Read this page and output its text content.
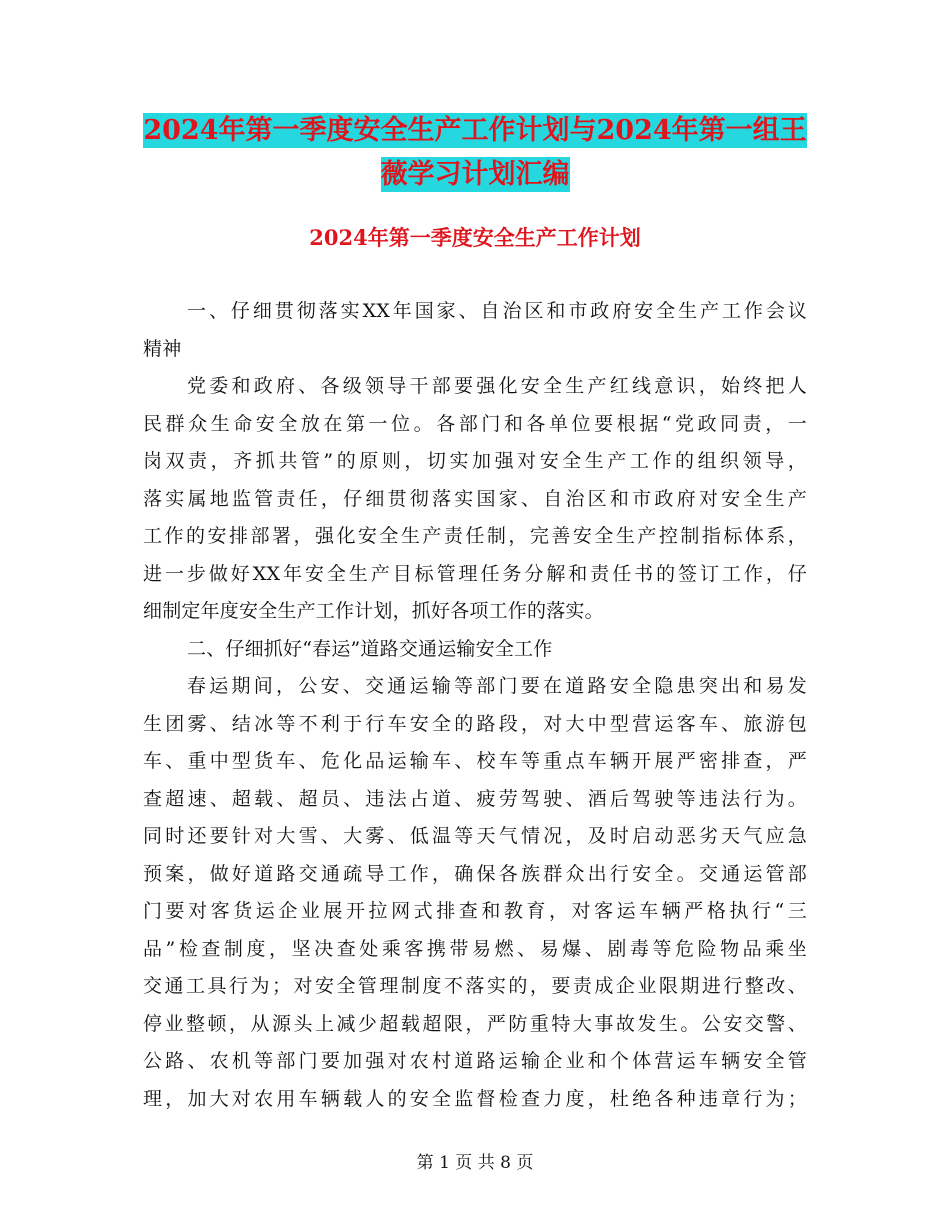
2024年第一季度安全生产工作计划与2024年第一组王
薇学习计划汇编
2024年第一季度安全生产工作计划
一、仔细贯彻落实XX年国家、自治区和市政府安全生产工作会议
精神
党委和政府、各级领导干部要强化安全生产红线意识，始终把人
民群众生命安全放在第一位。各部门和各单位要根据“党政同责，一
岗双责，齐抓共管”的原则，切实加强对安全生产工作的组织领导，
落实属地监管责任，仔细贯彻落实国家、自治区和市政府对安全生产
工作的安排部署，强化安全生产责任制，完善安全生产控制指标体系，
进一步做好XX年安全生产目标管理任务分解和责任书的签订工作，仔
细制定年度安全生产工作计划，抓好各项工作的落实。
二、仔细抓好“春运”道路交通运输安全工作
春运期间，公安、交通运输等部门要在道路安全隐患突出和易发
生团雾、结冰等不利于行车安全的路段，对大中型营运客车、旅游包
车、重中型货车、危化品运输车、校车等重点车辆开展严密排查，严
查超速、超载、超员、违法占道、疲劳驾驶、酒后驾驶等违法行为。
同时还要针对大雪、大雾、低温等天气情况，及时启动恶劣天气应急
预案，做好道路交通疏导工作，确保各族群众出行安全。交通运管部
门要对客货运企业展开拉网式排查和教育，对客运车辆严格执行“三
品”检查制度，坚决查处乘客携带易燃、易爆、剧毒等危险物品乘坐
交通工具行为；对安全管理制度不落实的，要责成企业限期进行整改、
停业整顿，从源头上减少超载超限，严防重特大事故发生。公安交警、
公路、农机等部门要加强对农村道路运输企业和个体营运车辆安全管
理，加大对农用车辆载人的安全监督检查力度，杜绝各种违章行为；
第 1 页 共 8 页
